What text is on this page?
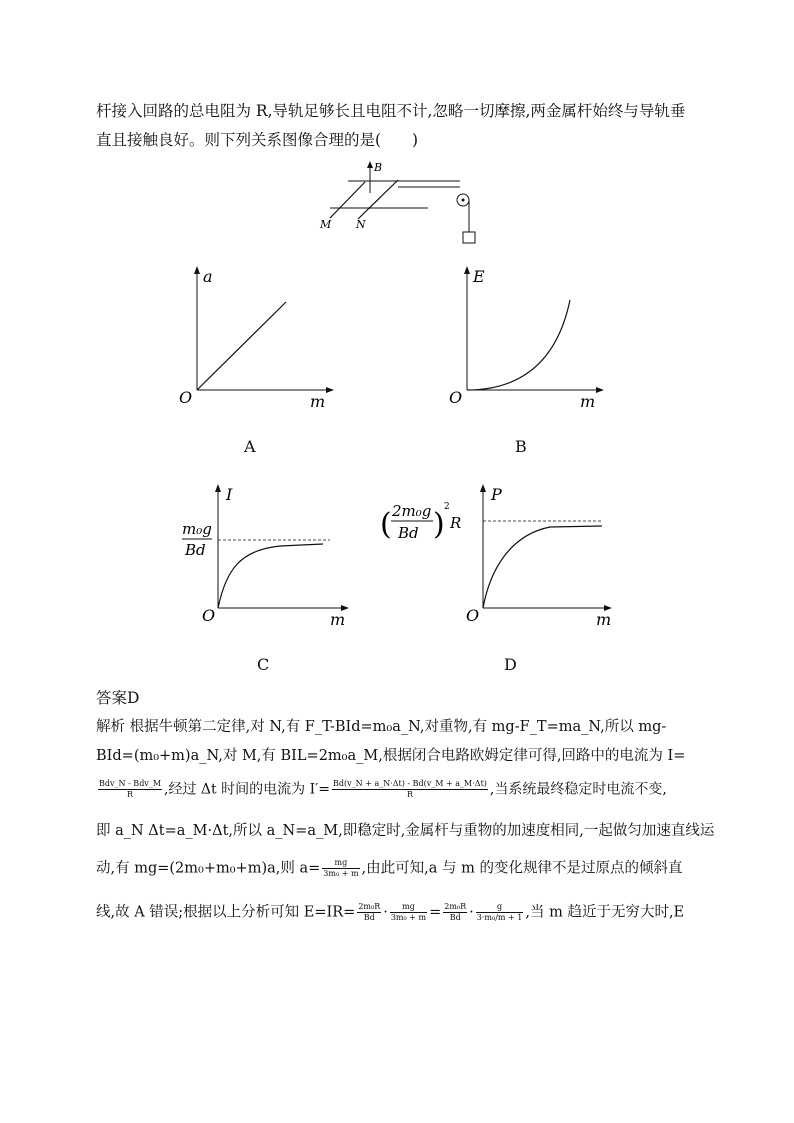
杆接入回路的总电阻为 R,导轨足够长且电阻不计,忽略一切摩擦,两金属杆始终与导轨垂
直且接触良好。则下列关系图像合理的是(　　)
B
M N
a
m
O
A
E
m
O
B
I
m
O
m₀g
Bd
C
P
m
O
( 2m₀g
Bd ) 2
R
D
答案D
解析 根据牛顿第二定律,对 N,有 F_T-BId=m₀a_N,对重物,有 mg-F_T=ma_N,所以 mg-
BId=(m₀+m)a_N,对 M,有 BIL=2m₀a_M,根据闭合电路欧姆定律可得,回路中的电流为 I=
$\frac{\text{Bdv\_N - Bdv\_M}}{R}$ ,经过 Δt 时间的电流为 $I'= \frac{Bd(v\_N + a\_N\cdot\Delta t) - Bd(v\_M + a\_M\cdot\Delta t)}{R}$ ,当系统最终稳定时电流不变,
即 a_N Δt=a_M·Δt,所以 a_N=a_M,即稳定时,金属杆与重物的加速度相同,一起做匀加速直线运
动,有 mg=(2m₀+m₀+m)a,则 $a= \frac{mg}{\text{3m₀ + m}}$ ,由此可知,a 与 m 的变化规律不是过原点的倾斜直
线,故 A 错误;根据以上分析可知 $E=IR= \frac{\text{2m₀R}}{Bd} \cdot \frac{mg}{\text{3m₀ + m}} = \frac{\text{2m₀R}}{Bd} \cdot \frac{g}{\text{3·m₀/m + 1}}$ ,当 m 趋近于无穷大时,E
